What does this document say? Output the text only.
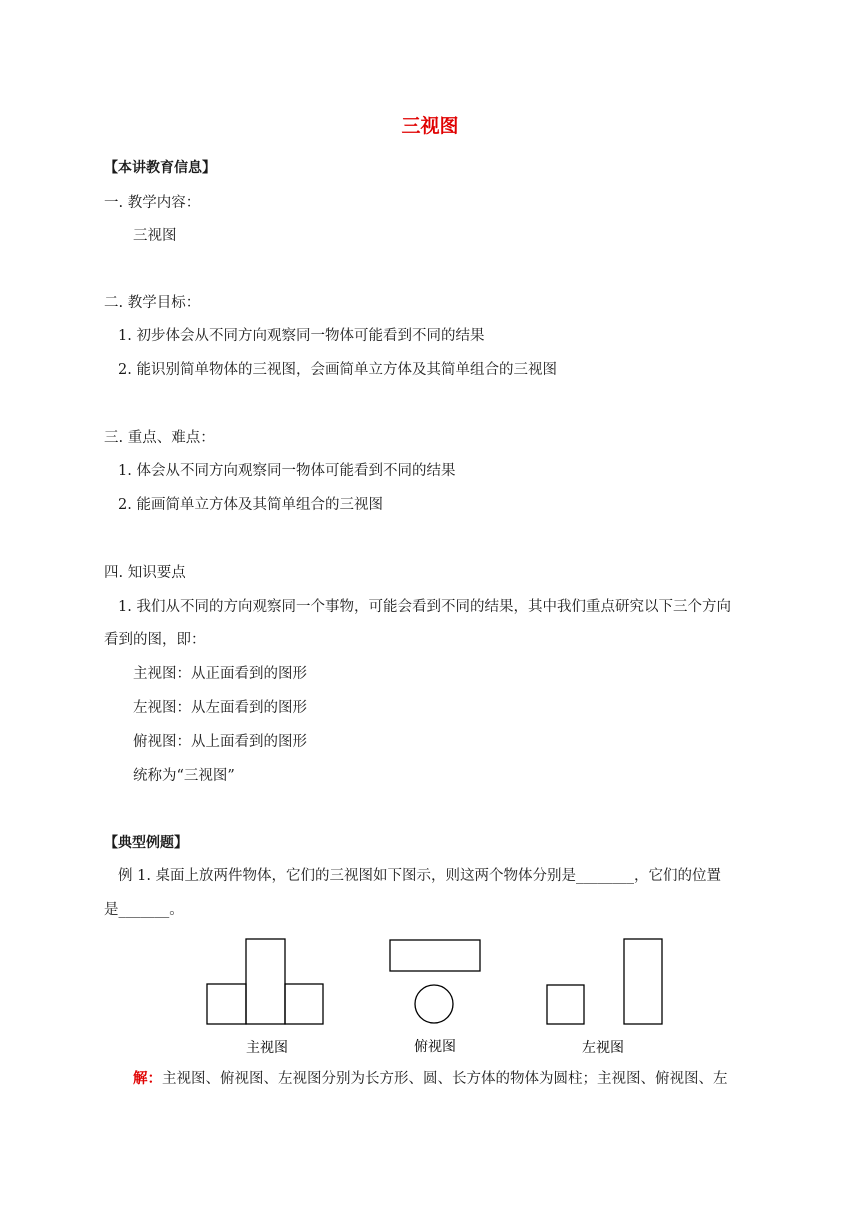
三视图
【本讲教育信息】
一. 教学内容：
三视图
二. 教学目标：
1. 初步体会从不同方向观察同一物体可能看到不同的结果
2. 能识别简单物体的三视图，会画简单立方体及其简单组合的三视图
三. 重点、难点：
1. 体会从不同方向观察同一物体可能看到不同的结果
2. 能画简单立方体及其简单组合的三视图
四. 知识要点
1. 我们从不同的方向观察同一个事物，可能会看到不同的结果，其中我们重点研究以下三个方向
看到的图，即：
主视图：从正面看到的图形
左视图：从左面看到的图形
俯视图：从上面看到的图形
统称为“三视图”
【典型例题】
例 1. 桌面上放两件物体，它们的三视图如下图示，则这两个物体分别是________，它们的位置
是_______。
主视图	俯视图	左视图
解：主视图、俯视图、左视图分别为长方形、圆、长方体的物体为圆柱；主视图、俯视图、左
